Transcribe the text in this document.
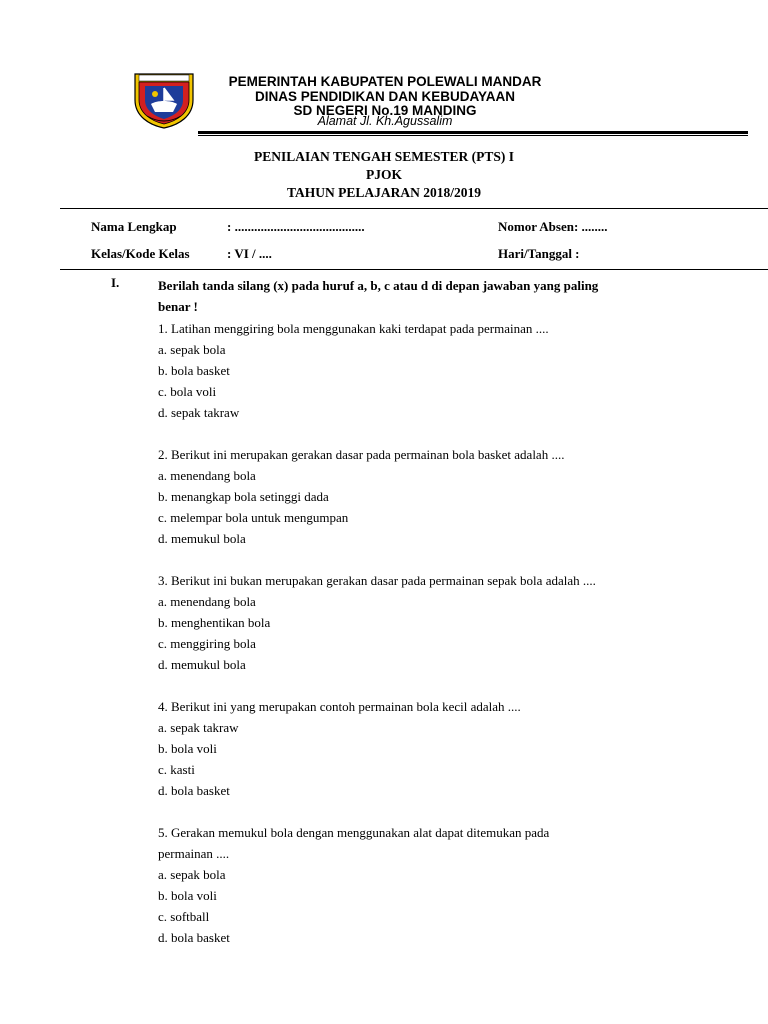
PEMERINTAH KABUPATEN POLEWALI MANDAR
DINAS PENDIDIKAN DAN KEBUDAYAAN
SD NEGERI No.19 MANDING
Alamat Jl. Kh.Agussalim
PENILAIAN TENGAH SEMESTER (PTS) I
PJOK
TAHUN PELAJARAN 2018/2019
Nama Lengkap	: ........................................	Nomor Absen: ........
Kelas/Kode Kelas	: VI / ....	Hari/Tanggal :
I.	Berilah tanda silang (x) pada huruf a, b, c atau d di depan jawaban yang paling
benar !

1. Latihan menggiring bola menggunakan kaki terdapat pada permainan ....

a. sepak bola

b. bola basket

c. bola voli

d. sepak takraw

2. Berikut ini merupakan gerakan dasar pada permainan bola basket adalah ....

a. menendang bola

b. menangkap bola setinggi dada

c. melempar bola untuk mengumpan

d. memukul bola

3. Berikut ini bukan merupakan gerakan dasar pada permainan sepak bola adalah ....

a. menendang bola

b. menghentikan bola

c. menggiring bola

d. memukul bola

4. Berikut ini yang merupakan contoh permainan bola kecil adalah ....

a. sepak takraw

b. bola voli

c. kasti

d. bola basket

5. Gerakan memukul bola dengan menggunakan alat dapat ditemukan pada

permainan ....

a. sepak bola

b. bola voli

c. softball

d. bola basket
